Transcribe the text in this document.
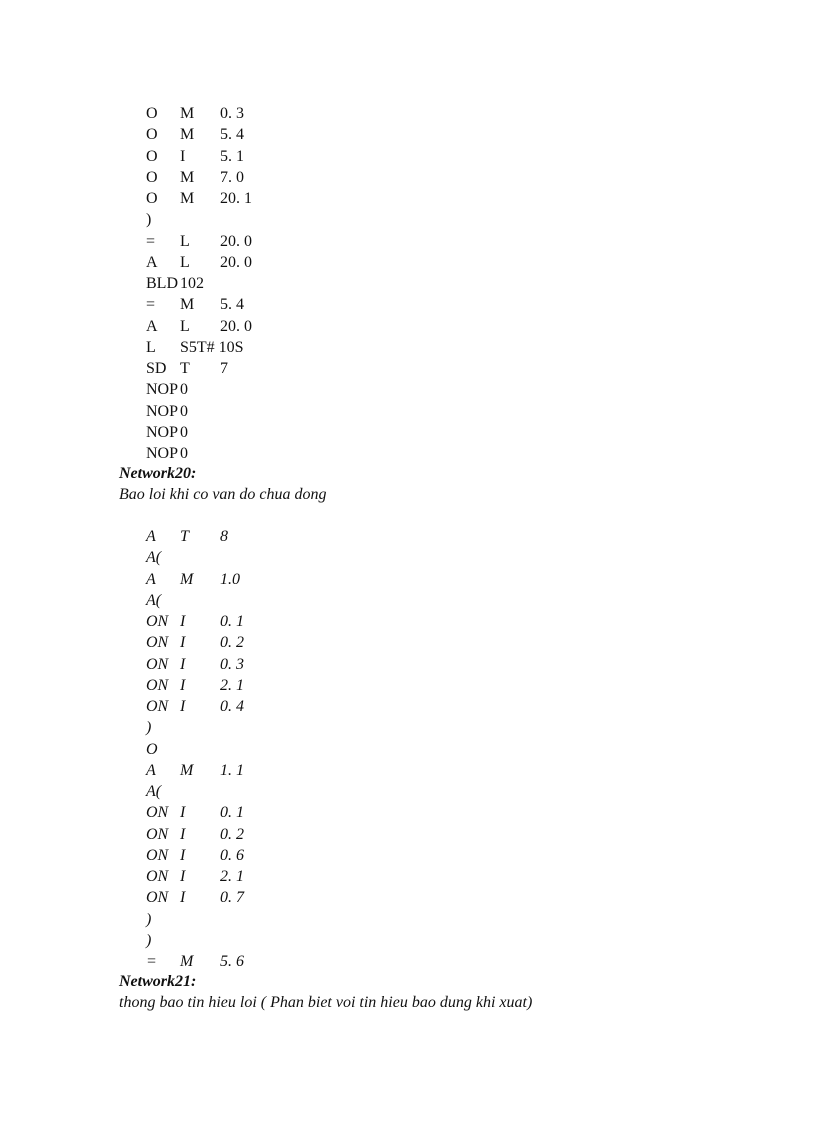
O M 0. 3
O M 5. 4
O I 5. 1
O M 7. 0
O M 20. 1
)
= L 20. 0
A L 20. 0
BLD 102
= M 5. 4
A L 20. 0
L S5T# 10S
SD T 7
NOP 0
NOP 0
NOP 0
NOP 0
Network20:
Bao loi khi co van do chua dong
A T 8
A(
A M 1.0
A(
ON I 0. 1
ON I 0. 2
ON I 0. 3
ON I 2. 1
ON I 0. 4
)
O
A M 1. 1
A(
ON I 0. 1
ON I 0. 2
ON I 0. 6
ON I 2. 1
ON I 0. 7
)
)
= M 5. 6
Network21:
thong bao tin hieu loi ( Phan biet voi tin hieu bao dung khi xuat)
